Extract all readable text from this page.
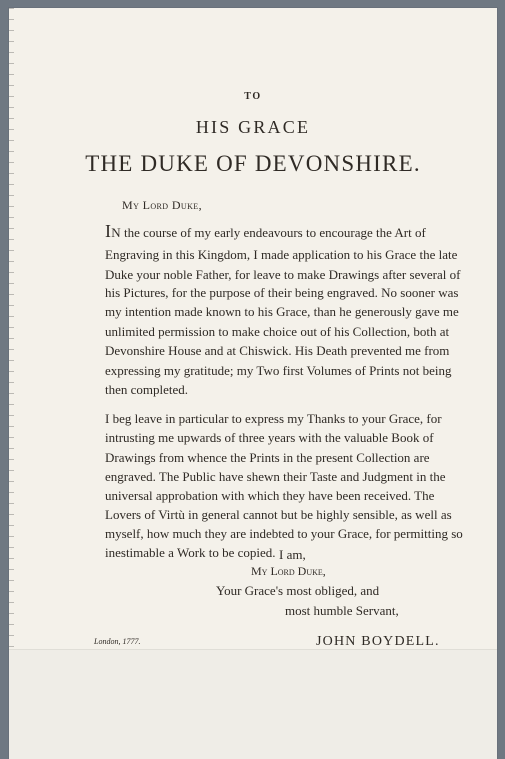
TO
HIS GRACE
THE DUKE OF DEVONSHIRE.
My Lord Duke,
In the course of my early endeavours to encourage the Art of
Engraving in this Kingdom, I made application to his Grace the late
Duke your noble Father, for leave to make Drawings after several of
his Pictures, for the purpose of their being engraved. No sooner was
my intention made known to his Grace, than he generously gave me
unlimited permission to make choice out of his Collection, both at
Devonshire House and at Chiswick. His Death prevented me from
expressing my gratitude; my Two first Volumes of Prints not being
then completed.
I beg leave in particular to express my Thanks to your Grace, for
intrusting me upwards of three years with the valuable Book of
Drawings from whence the Prints in the present Collection are
engraved. The Public have shewn their Taste and Judgment in the
universal approbation with which they have been received. The
Lovers of Virtù in general cannot but be highly sensible, as well as
myself, how much they are indebted to your Grace, for permitting so
inestimable a Work to be copied. I am,
My Lord Duke,
Your Grace's most obliged, and
most humble Servant,
London, 1777.	JOHN BOYDELL.
